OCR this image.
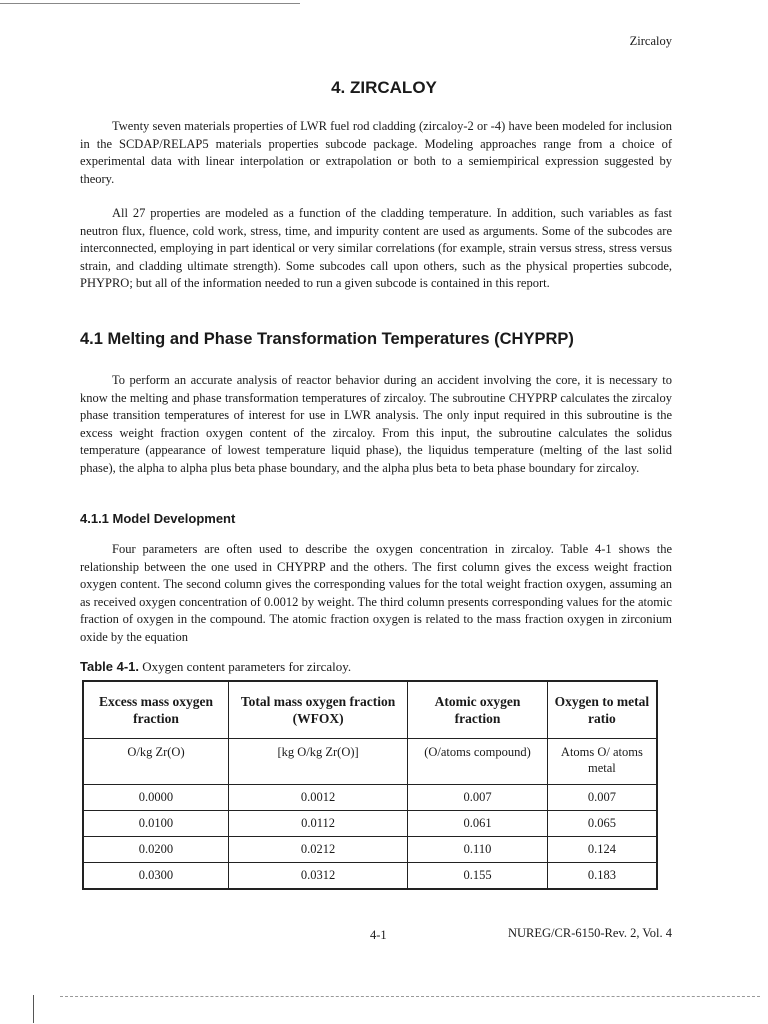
Zircaloy
4. ZIRCALOY

Twenty seven materials properties of LWR fuel rod cladding (zircaloy-2 or -4) have been modeled for inclusion in the SCDAP/RELAP5 materials properties subcode package. Modeling approaches range from a choice of experimental data with linear interpolation or extrapolation or both to a semiempirical expression suggested by theory.

All 27 properties are modeled as a function of the cladding temperature. In addition, such variables as fast neutron flux, fluence, cold work, stress, time, and impurity content are used as arguments. Some of the subcodes are interconnected, employing in part identical or very similar correlations (for example, strain versus stress, stress versus strain, and cladding ultimate strength). Some subcodes call upon others, such as the physical properties subcode, PHYPRO; but all of the information needed to run a given subcode is contained in this report.

4.1 Melting and Phase Transformation Temperatures (CHYPRP)

To perform an accurate analysis of reactor behavior during an accident involving the core, it is necessary to know the melting and phase transformation temperatures of zircaloy. The subroutine CHYPRP calculates the zircaloy phase transition temperatures of interest for use in LWR analysis. The only input required in this subroutine is the excess weight fraction oxygen content of the zircaloy. From this input, the subroutine calculates the solidus temperature (appearance of lowest temperature liquid phase), the liquidus temperature (melting of the last solid phase), the alpha to alpha plus beta phase boundary, and the alpha plus beta to beta phase boundary for zircaloy.

4.1.1 Model Development

Four parameters are often used to describe the oxygen concentration in zircaloy. Table 4-1 shows the relationship between the one used in CHYPRP and the others. The first column gives the excess weight fraction oxygen content. The second column gives the corresponding values for the total weight fraction oxygen, assuming an as received oxygen concentration of 0.0012 by weight. The third column presents corresponding values for the atomic fraction of oxygen in the compound. The atomic fraction oxygen is related to the mass fraction oxygen in zirconium oxide by the equation

Table 4-1. Oxygen content parameters for zircaloy.
Excess mass oxygen fraction	Total mass oxygen fraction (WFOX)	Atomic oxygen fraction	Oxygen to metal ratio
O/kg Zr(O)	[kg O/kg Zr(O)]	(O/atoms compound)	Atoms O/ atoms metal
0.0000	0.0012	0.007	0.007
0.0100	0.0112	0.061	0.065
0.0200	0.0212	0.110	0.124
0.0300	0.0312	0.155	0.183
4-1	NUREG/CR-6150-Rev. 2, Vol. 4
